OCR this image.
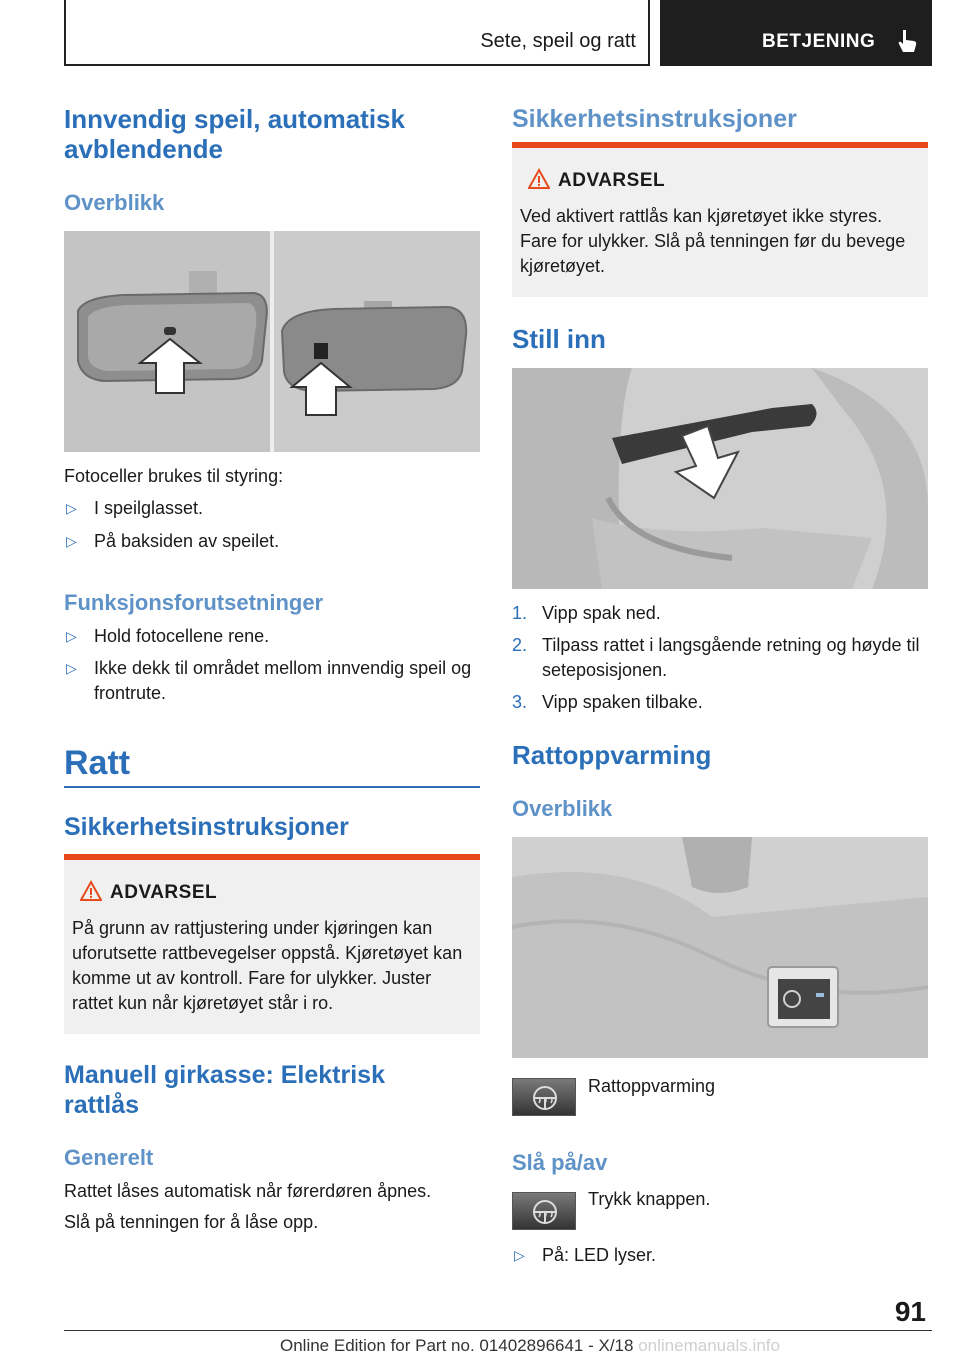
Sete, speil og ratt	BETJENING
Innvendig speil, automatisk avblendende
Overblikk
Fotoceller brukes til styring:
▷ I speilglasset.
▷ På baksiden av speilet.
Funksjonsforutsetninger
▷ Hold fotocellene rene.
▷ Ikke dekk til området mellom innvendig speil og frontrute.
Ratt
Sikkerhetsinstruksjoner
ADVARSEL
På grunn av rattjustering under kjøringen kan uforutsette rattbevegelser oppstå. Kjøretøyet kan komme ut av kontroll. Fare for ulykker. Juster rattet kun når kjøretøyet står i ro.
Manuell girkasse: Elektrisk rattlås
Generelt
Rattet låses automatisk når førerdøren åpnes.
Slå på tenningen for å låse opp.
Sikkerhetsinstruksjoner
ADVARSEL
Ved aktivert rattlås kan kjøretøyet ikke styres. Fare for ulykker. Slå på tenningen før du bevege kjøretøyet.
Still inn
1. Vipp spak ned.
2. Tilpass rattet i langsgående retning og høyde til seteposisjonen.
3. Vipp spaken tilbake.
Rattoppvarming
Overblikk
Rattoppvarming
Slå på/av
Trykk knappen.
▷ På: LED lyser.
91
Online Edition for Part no. 01402896641 - X/18 onlinemanuals.info
